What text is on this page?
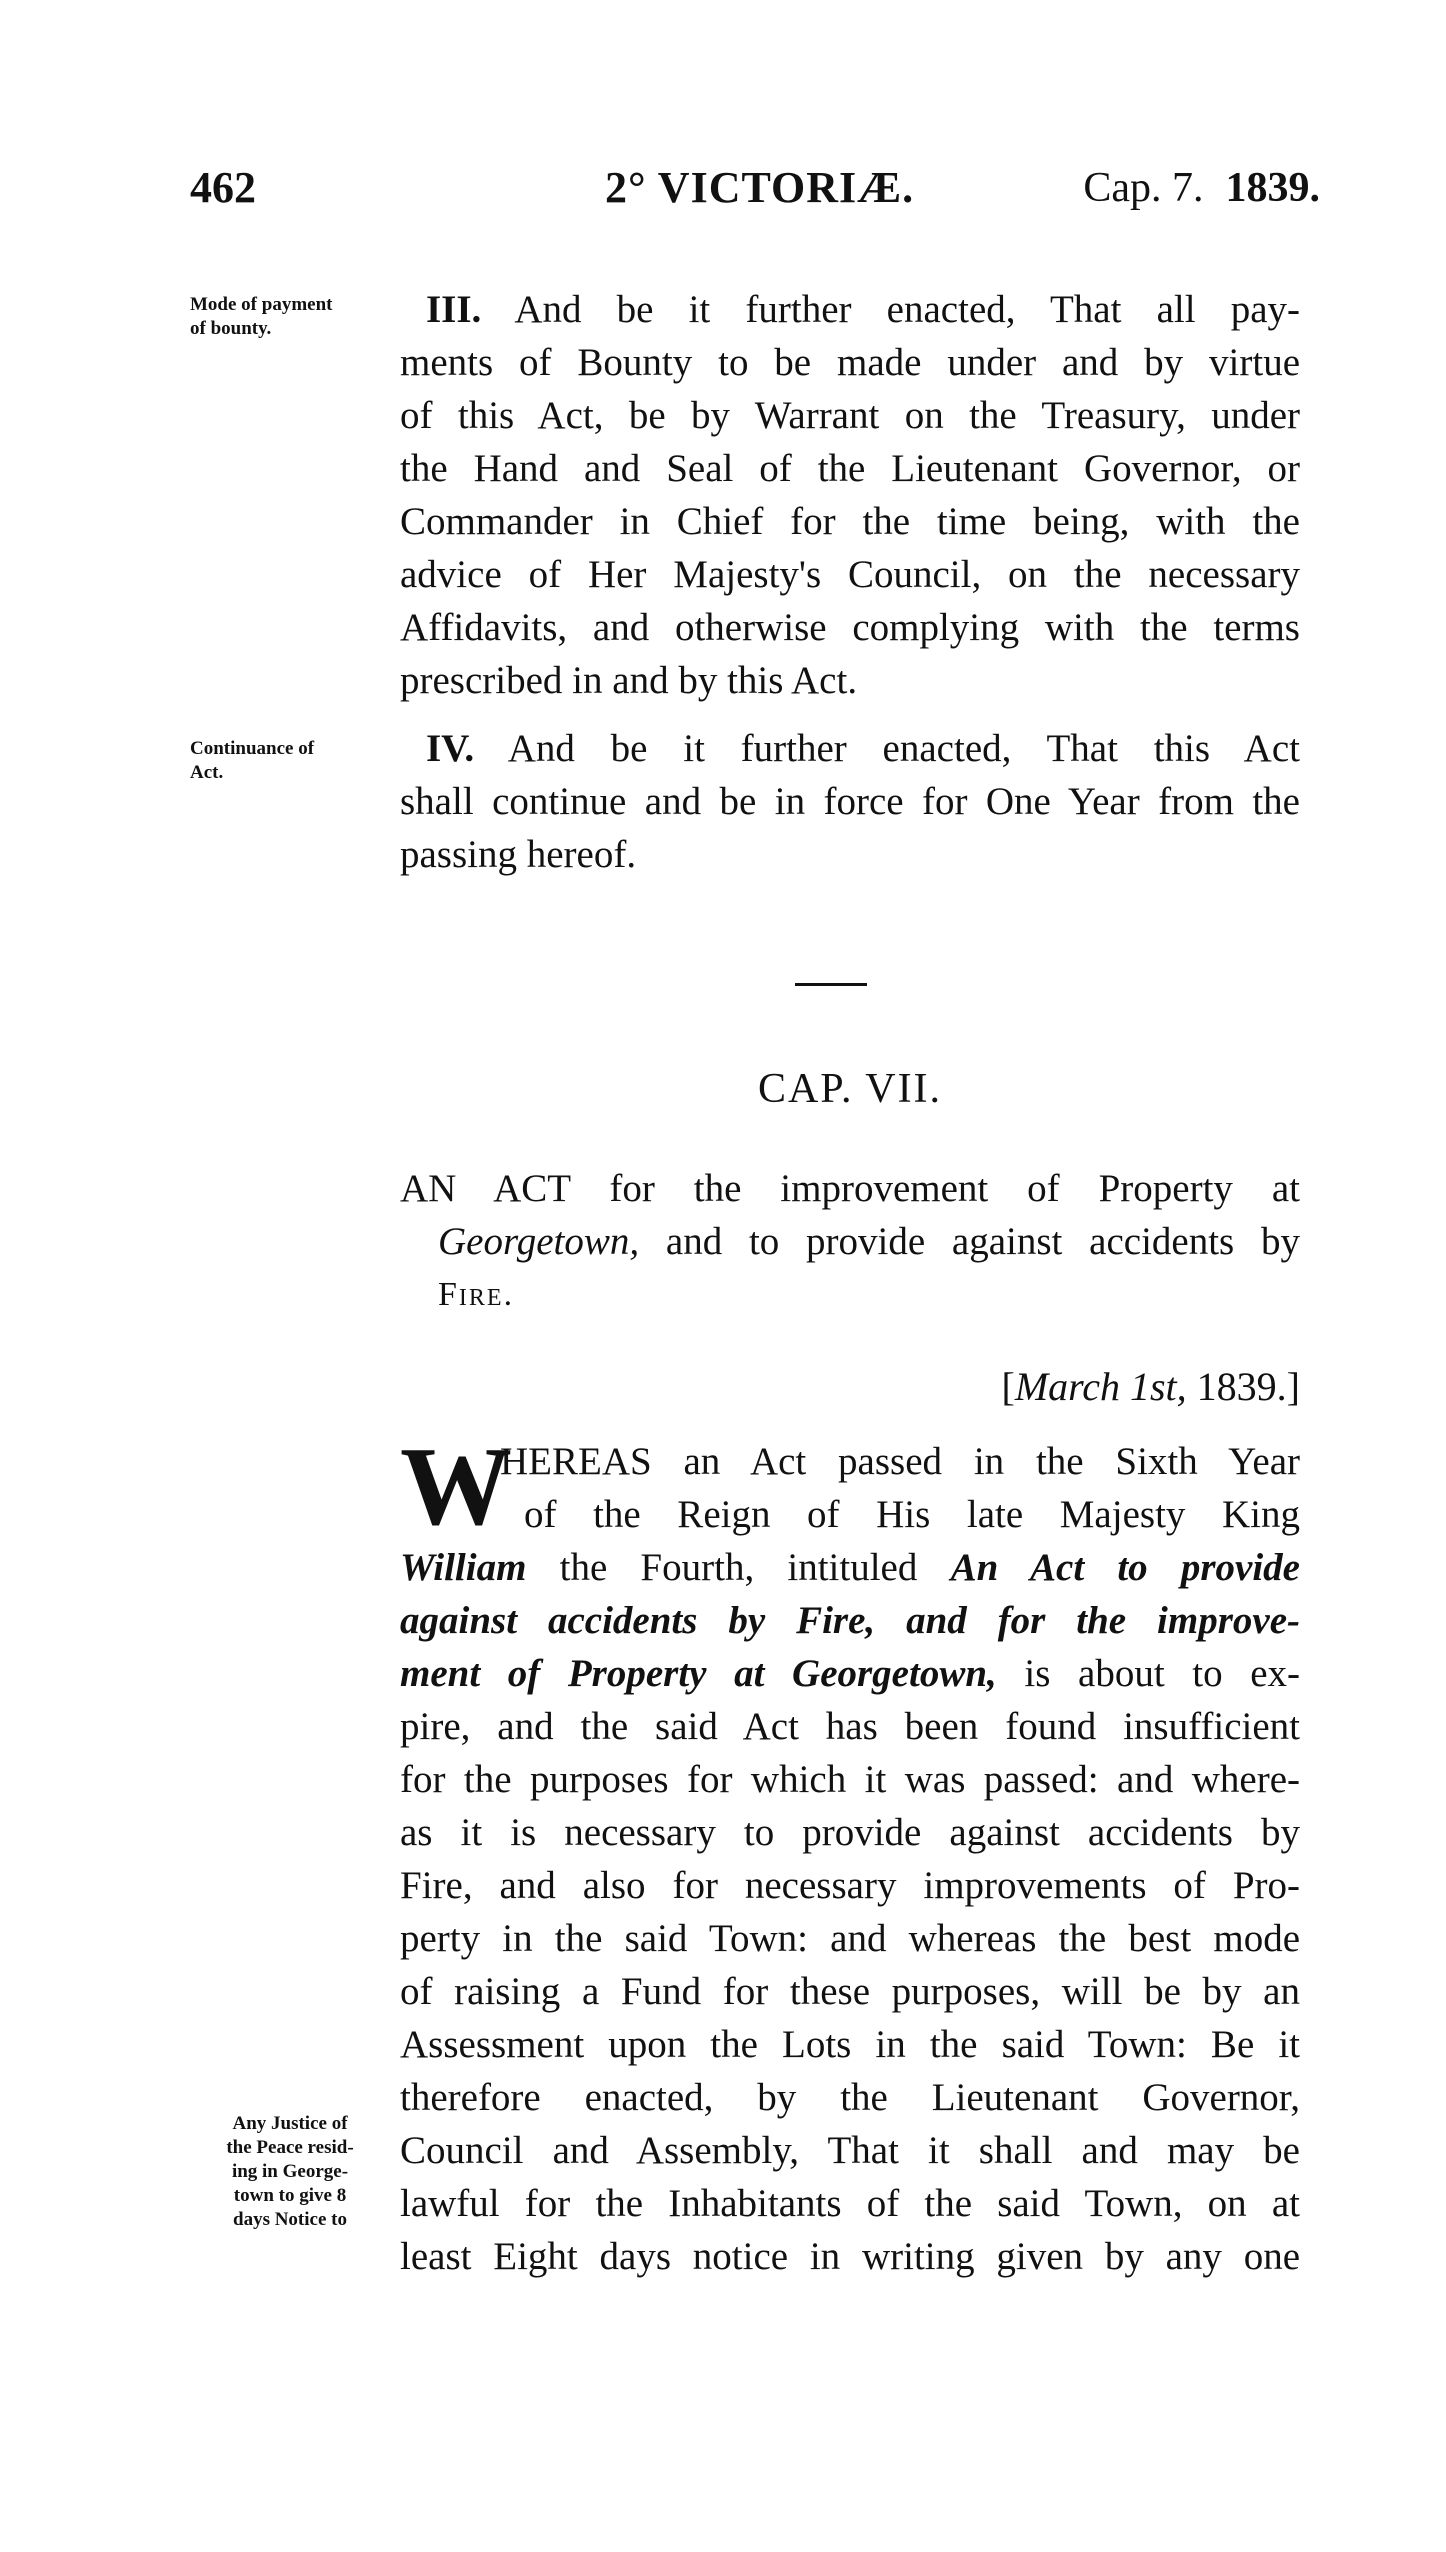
462	2° VICTORIÆ.	Cap. 7. 1839.
Mode of payment
of bounty.	III. And be it further enacted, That all pay-
ments of Bounty to be made under and by virtue
of this Act, be by Warrant on the Treasury, under
the Hand and Seal of the Lieutenant Governor, or
Commander in Chief for the time being, with the
advice of Her Majesty's Council, on the necessary
Affidavits, and otherwise complying with the terms
prescribed in and by this Act.
Continuance of
Act.
IV. And be it further enacted, That this Act
shall continue and be in force for One Year from the
passing hereof.
CAP. VII.
AN ACT for the improvement of Property at
Georgetown, and to provide against accidents by
Fire.
[March 1st, 1839.]
W
HEREAS an Act passed in the Sixth Year
of the Reign of His late Majesty King
William the Fourth, intituled An Act to provide
against accidents by Fire, and for the improve-
ment of Property at Georgetown, is about to ex-
pire, and the said Act has been found insufficient
for the purposes for which it was passed: and where-
as it is necessary to provide against accidents by
Fire, and also for necessary improvements of Pro-
perty in the said Town: and whereas the best mode
of raising a Fund for these purposes, will be by an
Assessment upon the Lots in the said Town: Be it
therefore enacted, by the Lieutenant Governor,
Council and Assembly, That it shall and may be
lawful for the Inhabitants of the said Town, on at
least Eight days notice in writing given by any one
Any Justice of
the Peace resid-
ing in George-
town to give 8
days Notice to
